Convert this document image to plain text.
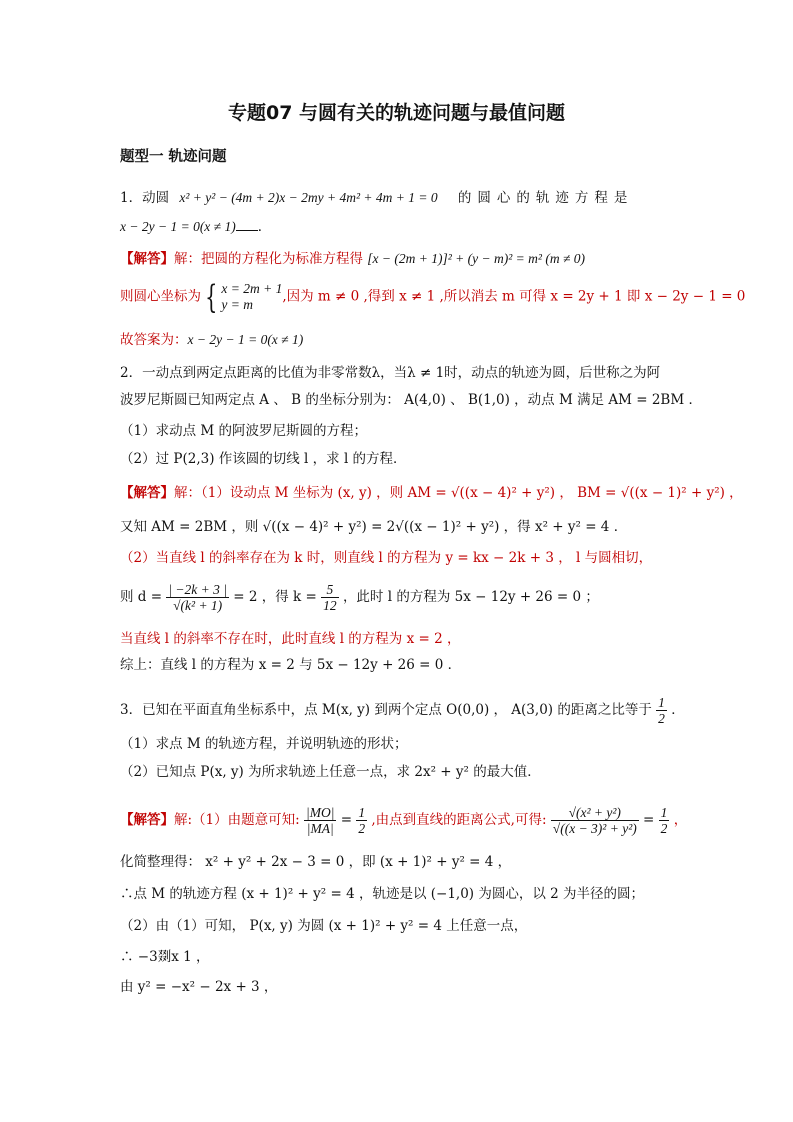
专题07 与圆有关的轨迹问题与最值问题
题型一 轨迹问题
1．动圆 x² + y² − (4m + 2)x − 2my + 4m² + 4m + 1 = 0 的圆心的轨迹方程是
x − 2y − 1 = 0(x ≠ 1) ．
【解答】解：把圆的方程化为标准方程得 [x − (2m + 1)]² + (y − m)² = m² (m ≠ 0)
则圆心坐标为 { x = 2m + 1
y = m	,因为 m ≠ 0 ,得到 x ≠ 1 ,所以消去 m 可得 x = 2y + 1 即 x − 2y − 1 = 0
故答案为：x − 2y − 1 = 0(x ≠ 1)
2．一动点到两定点距离的比值为非零常数λ，当λ ≠ 1时，动点的轨迹为圆，后世称之为阿
波罗尼斯圆已知两定点 A 、 B 的坐标分别为： A(4,0) 、 B(1,0) ，动点 M 满足 AM = 2BM ．
（1）求动点 M 的阿波罗尼斯圆的方程；
（2）过 P(2,3) 作该圆的切线 l ，求 l 的方程．
【解答】解：（1）设动点 M 坐标为 (x, y) ，则 AM = √((x − 4)² + y²) ， BM = √((x − 1)² + y²) ，
又知 AM = 2BM ，则 √((x − 4)² + y²) = 2√((x − 1)² + y²) ，得 x² + y² = 4 ．
（2）当直线 l 的斜率存在为 k 时，则直线 l 的方程为 y = kx − 2k + 3 ， l 与圆相切，
则 $d = \frac{| -2k + 3 |}{\text{√(k² + 1)}} = 2$ ，得 $k = \frac{5}{12}$ ，此时 l 的方程为 5x − 12y + 26 = 0 ；
当直线 l 的斜率不存在时，此时直线 l 的方程为 x = 2 ，
综上：直线 l 的方程为 x = 2 与 5x − 12y + 26 = 0 ．
3．已知在平面直角坐标系中，点 M(x, y) 到两个定点 O(0,0) ， A(3,0) 的距离之比等于 $\frac{1}{2}$ ．
（1）求点 M 的轨迹方程，并说明轨迹的形状；
（2）已知点 P(x, y) 为所求轨迹上任意一点，求 2x² + y² 的最大值．
【解答】解:（1）由题意可知: $\frac{|MO|}{|MA|} = \frac{1}{2}$ ,由点到直线的距离公式,可得: $\frac{\text{√(x² + y²)}}{\text{√((x − 3)² + y²)}} = \frac{1}{2}$ ，
化简整理得： x² + y² + 2x − 3 = 0 ，即 (x + 1)² + y² = 4 ，
∴点 M 的轨迹方程 (x + 1)² + y² = 4 ，轨迹是以 (−1,0) 为圆心，以 2 为半径的圆；
（2）由（1）可知， P(x, y) 为圆 (x + 1)² + y² = 4 上任意一点，
∴ −3剟x 1 ，
由 y² = −x² − 2x + 3 ，
